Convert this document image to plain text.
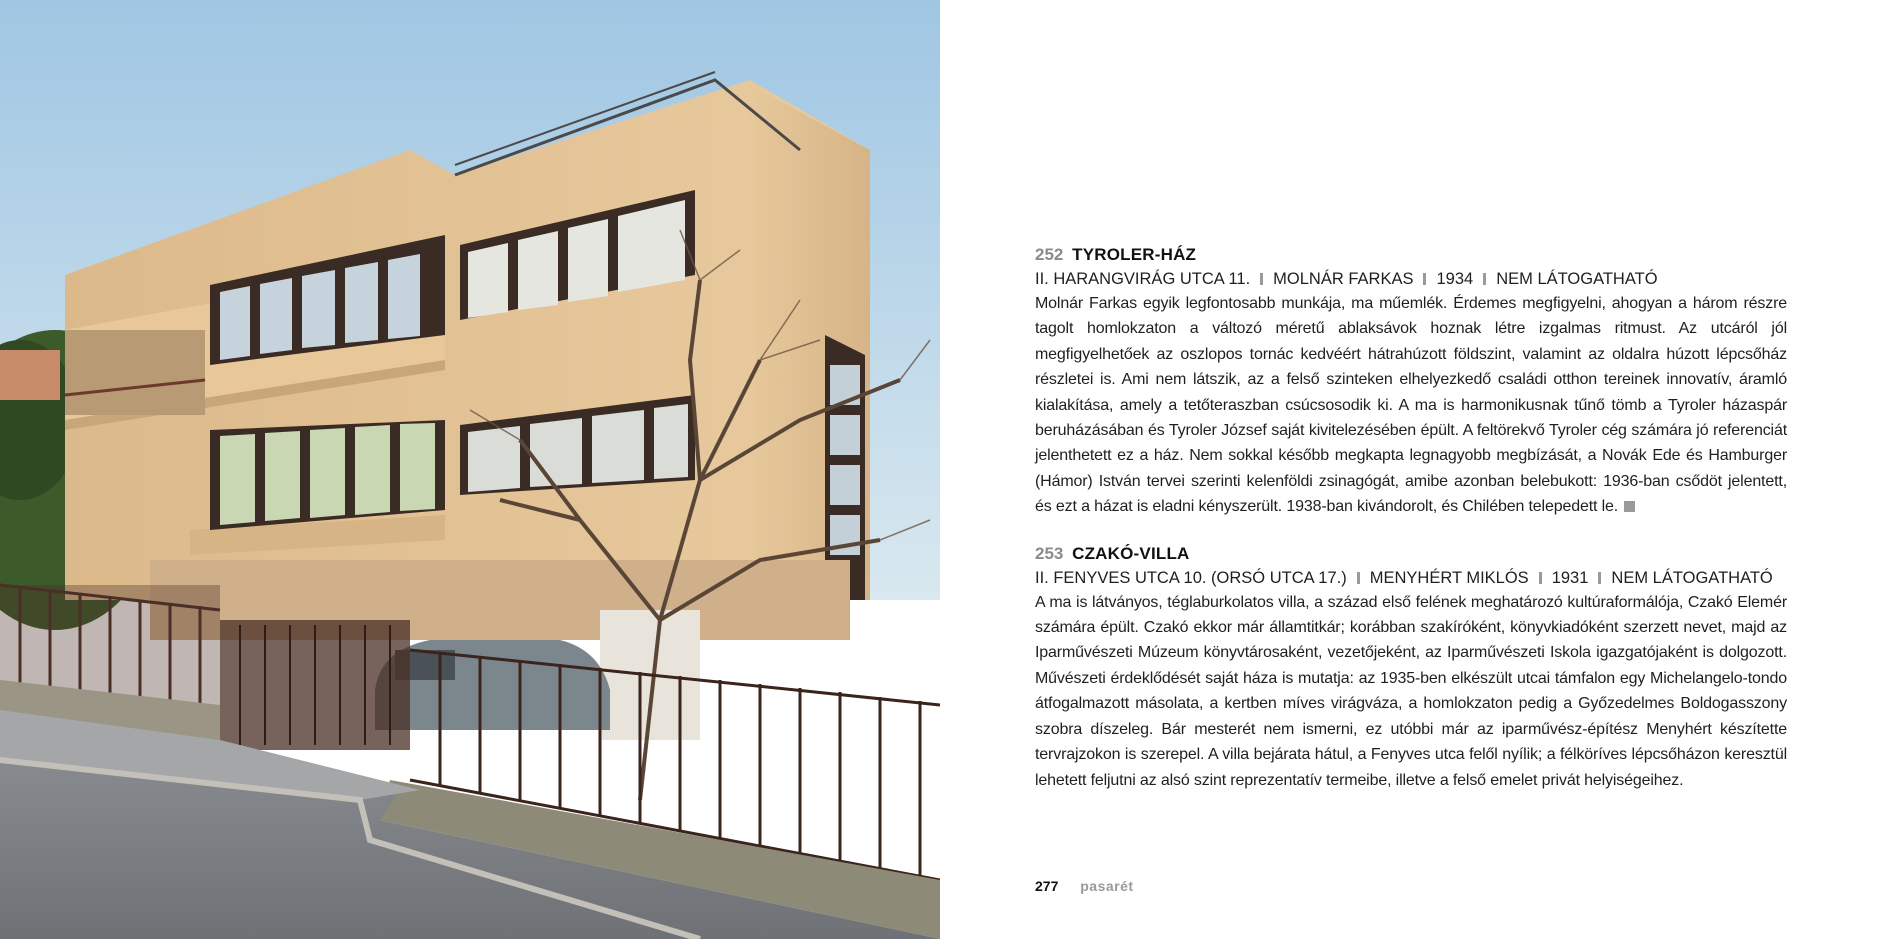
252 TYROLER-HÁZ

II. HARANGVIRÁG UTCA 11. MOLNÁR FARKAS 1934 NEM LÁTOGATHATÓ

Molnár Farkas egyik legfontosabb munkája, ma műemlék. Érdemes megfigyelni, ahogyan a három részre tagolt homlokzaton a változó méretű ablaksávok hoznak létre izgalmas ritmust. Az utcáról jól megfigyelhetőek az oszlopos tornác kedvéért hátrahúzott földszint, valamint az oldalra húzott lépcsőház részletei is. Ami nem látszik, az a felső szinteken elhelyezkedő családi otthon tereinek innovatív, áramló kialakítása, amely a tetőteraszban csúcsosodik ki. A ma is harmonikusnak tűnő tömb a Tyroler házaspár beruházásában és Tyroler József saját kivitelezésében épült. A feltörekvő Tyroler cég számára jó referenciát jelenthetett ez a ház. Nem sokkal később megkapta legnagyobb megbízását, a Novák Ede és Hamburger (Hámor) István tervei szerinti kelenföldi zsinagógát, amibe azonban belebukott: 1936-ban csődöt jelentett, és ezt a házat is eladni kényszerült. 1938-ban kivándorolt, és Chilében telepedett le.

253 CZAKÓ-VILLA

II. FENYVES UTCA 10. (ORSÓ UTCA 17.) MENYHÉRT MIKLÓS 1931 NEM LÁTOGATHATÓ

A ma is látványos, téglaburkolatos villa, a század első felének meghatározó kultúraformálója, Czakó Elemér számára épült. Czakó ekkor már államtitkár; korábban szakíróként, könyvkiadóként szerzett nevet, majd az Iparművészeti Múzeum könyvtárosaként, vezetőjeként, az Iparművészeti Iskola igazgatójaként is dolgozott. Művészeti érdeklődését saját háza is mutatja: az 1935-ben elkészült utcai támfalon egy Michelangelo-tondo átfogalmazott másolata, a kertben míves virágváza, a homlokzaton pedig a Győzedelmes Boldogasszony szobra díszeleg. Bár mesterét nem ismerni, ez utóbbi már az iparművész-építész Menyhért készítette tervrajzokon is szerepel. A villa bejárata hátul, a Fenyves utca felől nyílik; a félköríves lépcsőházon keresztül lehetett feljutni az alsó szint reprezentatív termeibe, illetve a felső emelet privát helyiségeihez.

277 pasarét
